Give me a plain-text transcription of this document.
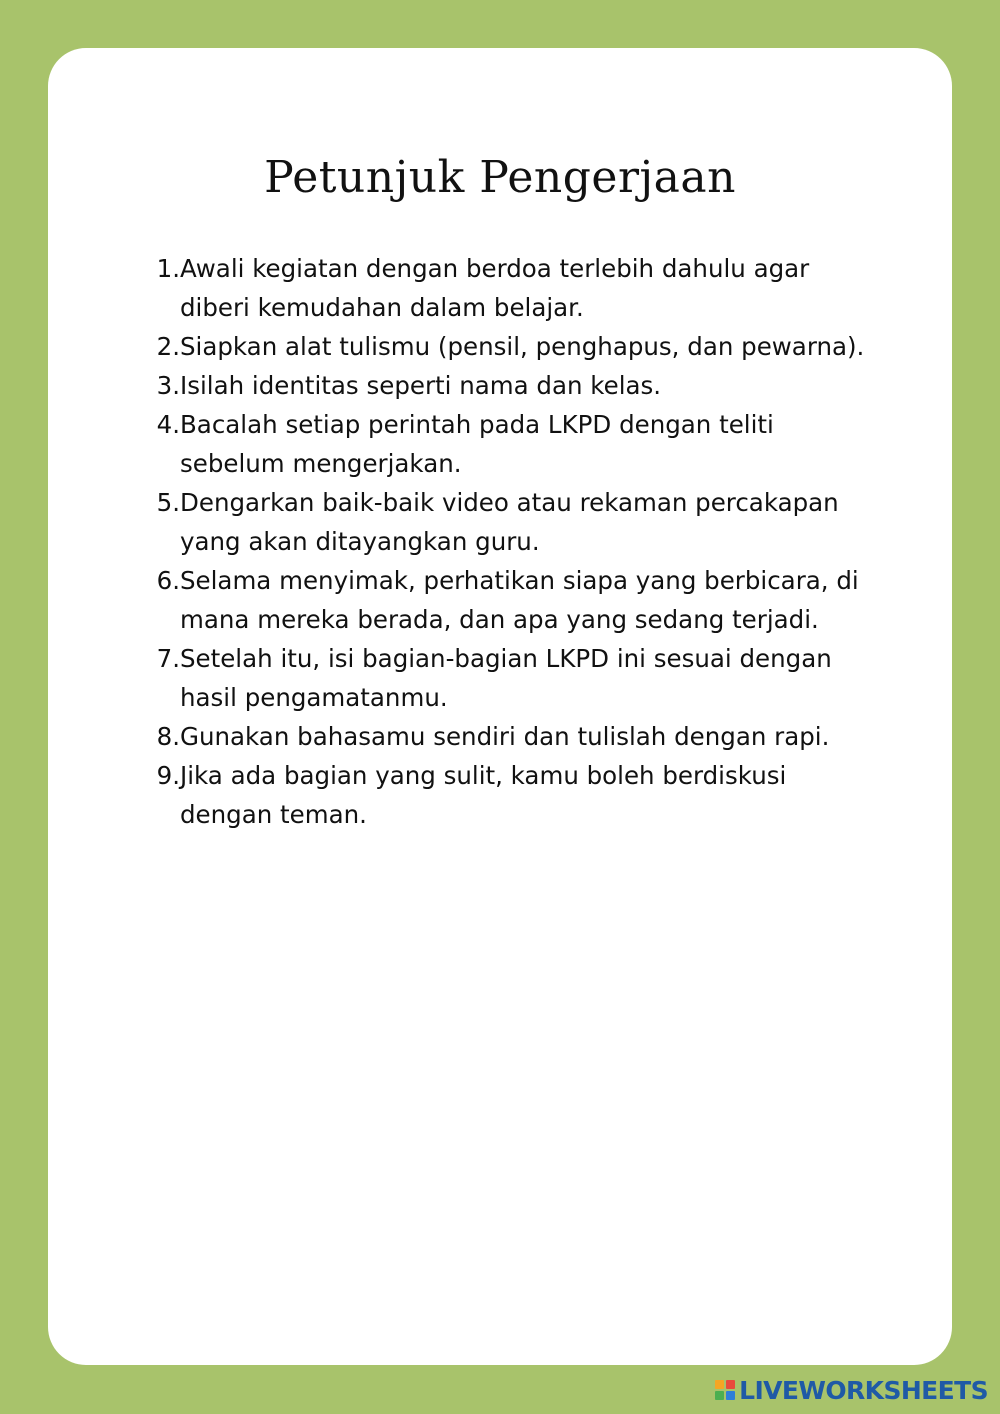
Petunjuk Pengerjaan
1. Awali kegiatan dengan berdoa terlebih dahulu agar diberi kemudahan dalam belajar.
2. Siapkan alat tulismu (pensil, penghapus, dan pewarna).
3. Isilah identitas seperti nama dan kelas.
4. Bacalah setiap perintah pada LKPD dengan teliti sebelum mengerjakan.
5. Dengarkan baik-baik video atau rekaman percakapan yang akan ditayangkan guru.
6. Selama menyimak, perhatikan siapa yang berbicara, di mana mereka berada, dan apa yang sedang terjadi.
7. Setelah itu, isi bagian-bagian LKPD ini sesuai dengan hasil pengamatanmu.
8. Gunakan bahasamu sendiri dan tulislah dengan rapi.
9. Jika ada bagian yang sulit, kamu boleh berdiskusi dengan teman.
LIVEWORKSHEETS
